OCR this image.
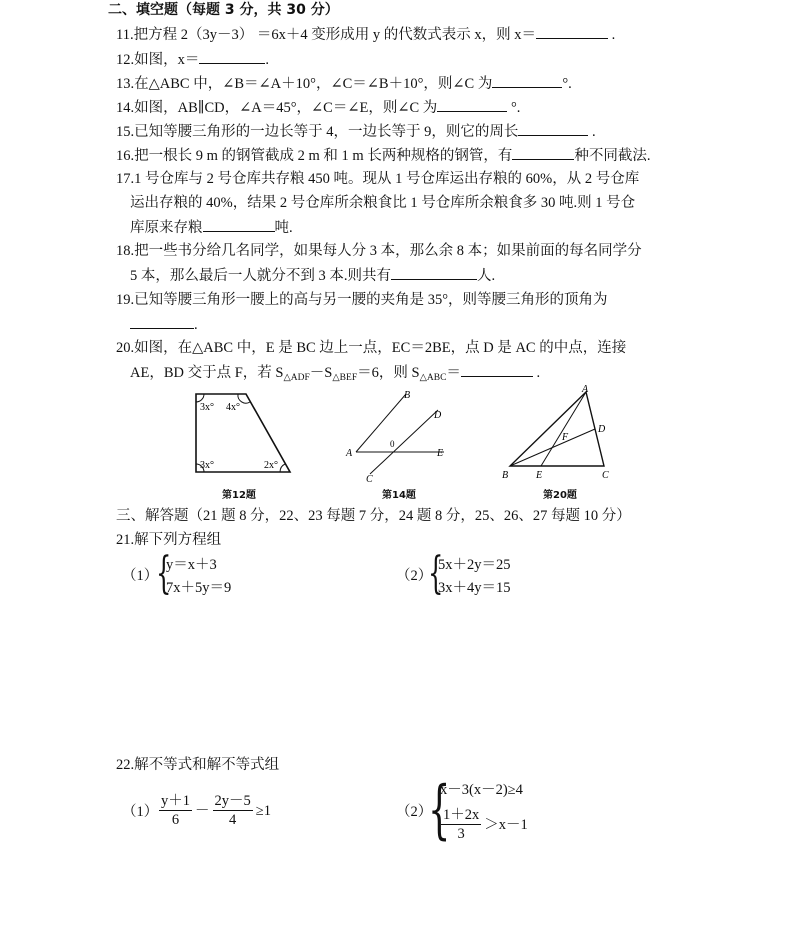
二、填空题（每题 3 分，共 30 分）
11.把方程 2（3y－3） ＝6x＋4 变形成用 y 的代数式表示 x，则 x＝	.
12.如图，x＝	.
13.在△ABC 中，∠B＝∠A＋10°，∠C＝∠B＋10°，则∠C 为	°.
14.如图，AB∥CD，∠A＝45°，∠C＝∠E，则∠C 为	°.
15.已知等腰三角形的一边长等于 4，一边长等于 9，则它的周长	.
16.把一根长 9 m 的钢管截成 2 m 和 1 m 长两种规格的钢管，有	种不同截法.
17.1 号仓库与 2 号仓库共存粮 450 吨。现从 1 号仓库运出存粮的 60%，从 2 号仓库
运出存粮的 40%，结果 2 号仓库所余粮食比 1 号仓库所余粮食多 30 吨.则 1 号仓
库原来存粮	吨.
18.把一些书分给几名同学，如果每人分 3 本，那么余 8 本；如果前面的每名同学分
5 本，那么最后一人就分不到 3 本.则共有	人.
19.已知等腰三角形一腰上的高与另一腰的夹角是 35°，则等腰三角形的顶角为
.
20.如图，在△ABC 中，E 是 BC 边上一点，EC＝2BE，点 D 是 AC 的中点，连接
AE，BD 交于点 F，若 $S_{\triangle ADF}-S_{\triangle BEF}=6$，则 $S_{\triangle ABC}=$	.
3x° 4x°
3x°	2x°
第12题
A
B
C
D
E
0
第14题
A
B	C
D
E
F
第20题
三、解答题（21 题 8 分，22、23 每题 7 分，24 题 8 分，25、26、27 每题 10 分）
21.解下列方程组
（1）
{
y＝x＋3
7x＋5y＝9
（2）
{
5x＋2y＝25
3x＋4y＝15
22.解不等式和解不等式组
$(1) \frac{y+1}{6} - \frac{2y-5}{4} \ge 1$	（2）
{
x－3(x－2)≥4
$\frac{1+2x}{3} >x-1$
